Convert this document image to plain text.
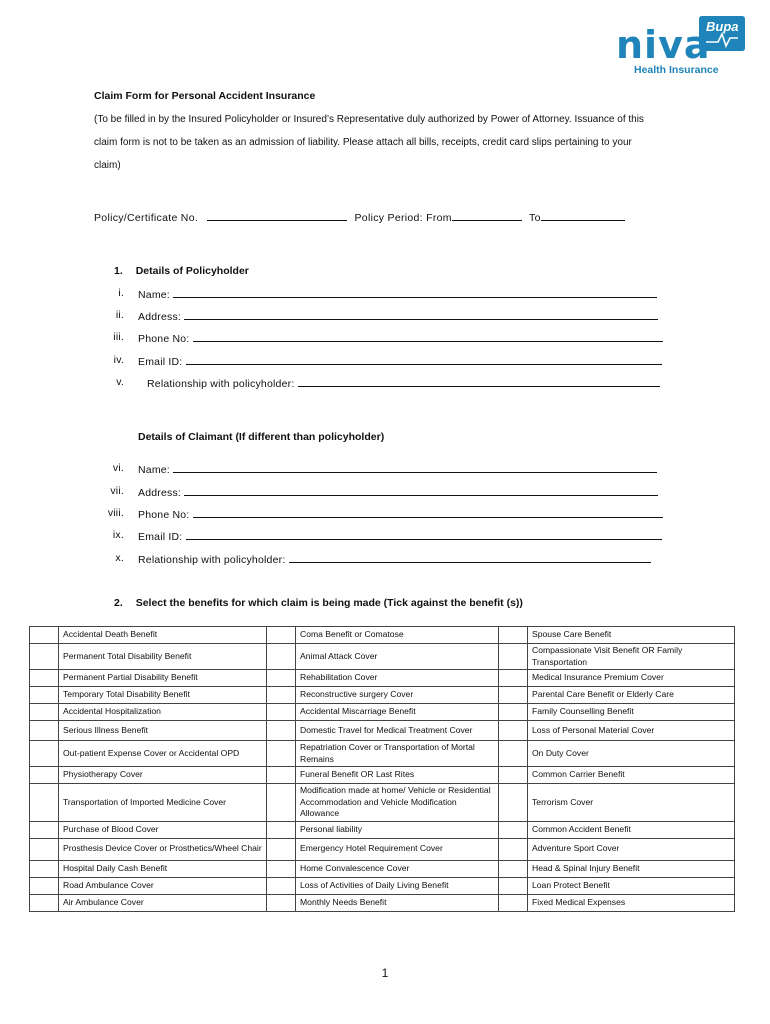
Bupa
niva
Health Insurance
Claim Form for Personal Accident Insurance
(To be filled in by the Insured Policyholder or Insured’s Representative duly authorized by Power of Attorney. Issuance of this
claim form is not to be taken as an admission of liability. Please attach all bills, receipts, credit card slips pertaining to your
claim)
Policy/Certificate No.	Policy Period: From	To
1. Details of Policyholder
i. Name:
ii. Address:
iii. Phone No:
iv. Email ID:
v. Relationship with policyholder:
Details of Claimant (If different than policyholder)
vi. Name:
vii. Address:
viii. Phone No:
ix. Email ID:
x. Relationship with policyholder:
2. Select the benefits for which claim is being made (Tick against the benefit (s))
	Accidental Death Benefit		Coma Benefit or Comatose		Spouse Care Benefit
	Permanent Total Disability Benefit		Animal Attack Cover		Compassionate Visit Benefit OR Family Transportation
	Permanent Partial Disability Benefit		Rehabilitation Cover		Medical Insurance Premium Cover
	Temporary Total Disability Benefit		Reconstructive surgery Cover		Parental Care Benefit or Elderly Care
	Accidental Hospitalization		Accidental Miscarriage Benefit		Family Counselling Benefit
	Serious Illness Benefit		Domestic Travel for Medical Treatment Cover		Loss of Personal Material Cover
	Out-patient Expense Cover or Accidental OPD		Repatriation Cover or Transportation of Mortal Remains		On Duty Cover
	Physiotherapy Cover		Funeral Benefit OR Last Rites		Common Carrier Benefit
	Transportation of Imported Medicine Cover		Modification made at home/ Vehicle or Residential Accommodation and Vehicle Modification Allowance		Terrorism Cover
	Purchase of Blood Cover		Personal liability		Common Accident Benefit
	Prosthesis Device Cover or Prosthetics/Wheel Chair		Emergency Hotel Requirement Cover		Adventure Sport Cover
	Hospital Daily Cash Benefit		Home Convalescence Cover		Head & Spinal Injury Benefit
	Road Ambulance Cover		Loss of Activities of Daily Living Benefit		Loan Protect Benefit
	Air Ambulance Cover		Monthly Needs Benefit		Fixed Medical Expenses
1
